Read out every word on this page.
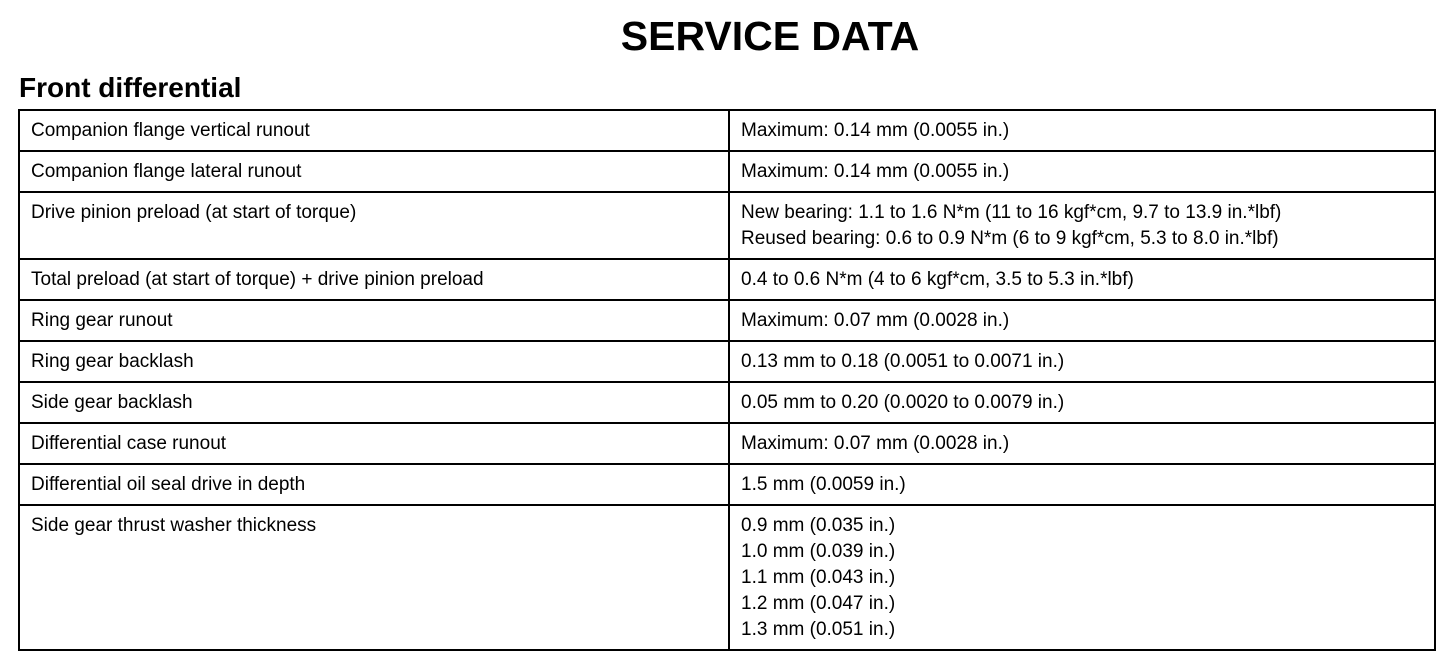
SERVICE DATA
Front differential
Companion flange vertical runout	Maximum: 0.14 mm (0.0055 in.)

Companion flange lateral runout	Maximum: 0.14 mm (0.0055 in.)

Drive pinion preload (at start of torque)	New bearing: 1.1 to 1.6 N*m (11 to 16 kgf*cm, 9.7 to 13.9 in.*lbf)
Reused bearing: 0.6 to 0.9 N*m (6 to 9 kgf*cm, 5.3 to 8.0 in.*lbf)

Total preload (at start of torque) + drive pinion preload	0.4 to 0.6 N*m (4 to 6 kgf*cm, 3.5 to 5.3 in.*lbf)

Ring gear runout	Maximum: 0.07 mm (0.0028 in.)

Ring gear backlash	0.13 mm to 0.18 (0.0051 to 0.0071 in.)

Side gear backlash	0.05 mm to 0.20 (0.0020 to 0.0079 in.)

Differential case runout	Maximum: 0.07 mm (0.0028 in.)

Differential oil seal drive in depth	1.5 mm (0.0059 in.)

Side gear thrust washer thickness	0.9 mm (0.035 in.)
1.0 mm (0.039 in.)
1.1 mm (0.043 in.)
1.2 mm (0.047 in.)
1.3 mm (0.051 in.)
